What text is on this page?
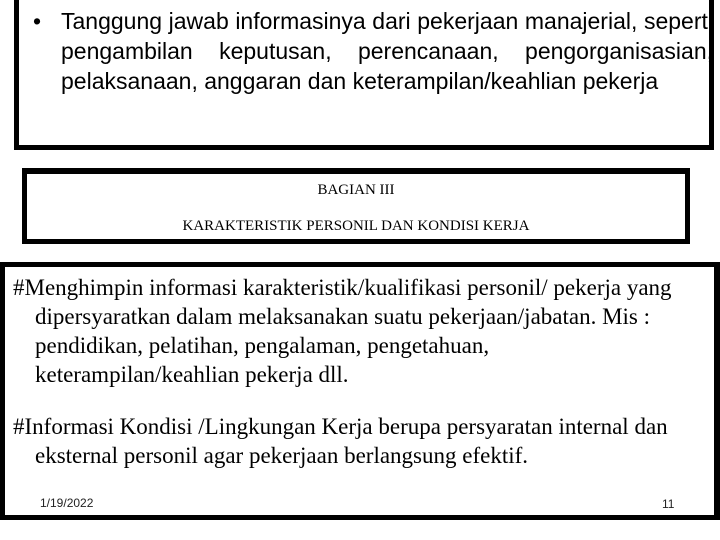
• Tanggung jawab informasinya dari pekerjaan manajerial, seperti pengambilan keputusan, perencanaan, pengorganisasian, pelaksanaan, anggaran dan keterampilan/keahlian pekerja
BAGIAN III
KARAKTERISTIK PERSONIL DAN KONDISI KERJA
#Menghimpin informasi karakteristik/kualifikasi personil/ pekerja yang dipersyaratkan dalam melaksanakan suatu pekerjaan/jabatan. Mis : pendidikan, pelatihan, pengalaman, pengetahuan, keterampilan/keahlian pekerja dll.
#Informasi Kondisi /Lingkungan Kerja berupa persyaratan internal dan eksternal personil agar pekerjaan berlangsung efektif.
1/19/2022	11
